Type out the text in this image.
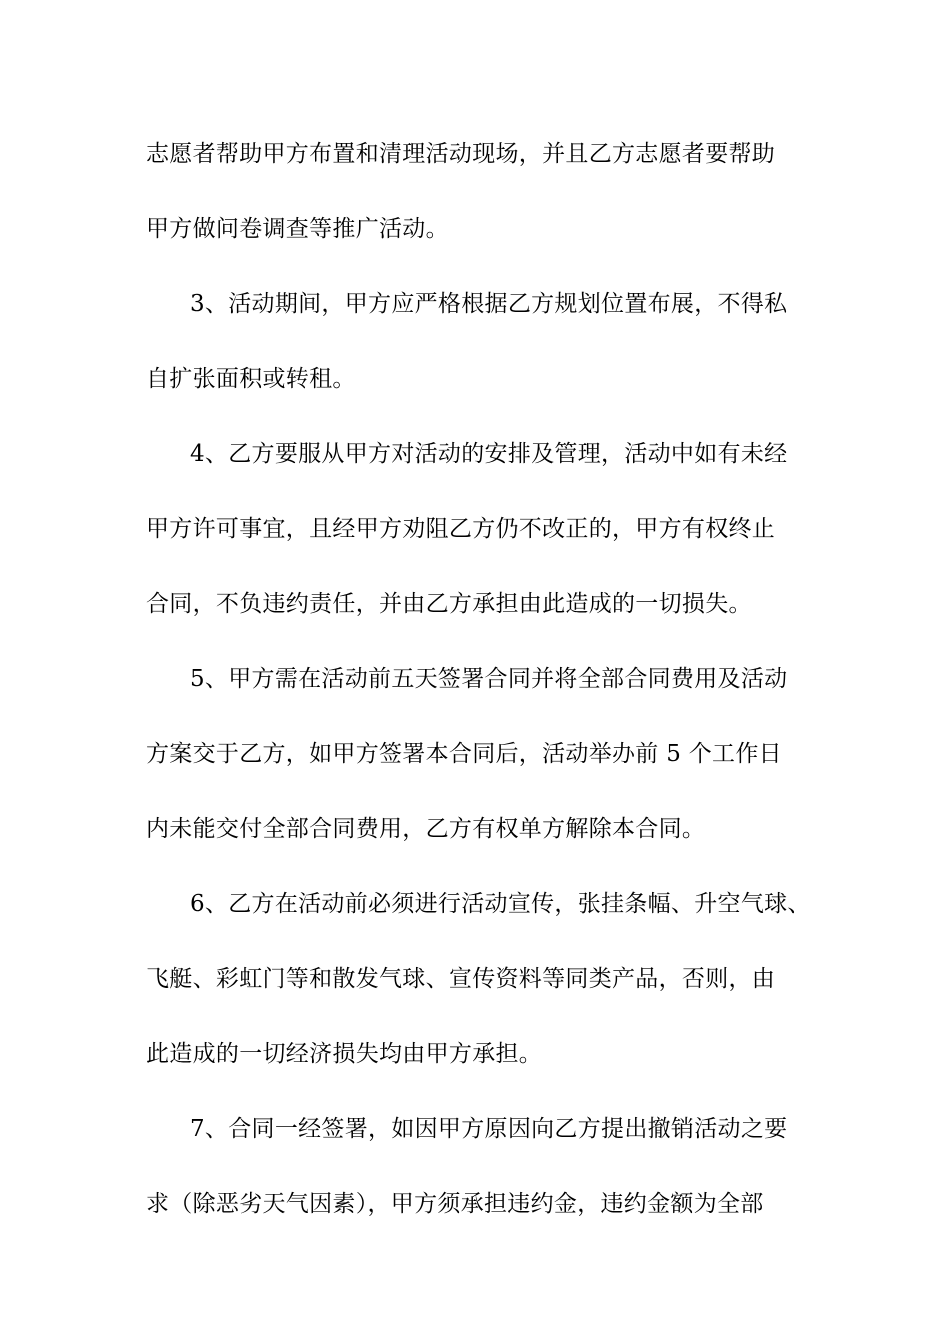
志愿者帮助甲方布置和清理活动现场，并且乙方志愿者要帮助
甲方做问卷调查等推广活动。
3、活动期间，甲方应严格根据乙方规划位置布展，不得私
自扩张面积或转租。
4、乙方要服从甲方对活动的安排及管理，活动中如有未经
甲方许可事宜，且经甲方劝阻乙方仍不改正的，甲方有权终止
合同，不负违约责任，并由乙方承担由此造成的一切损失。
5、甲方需在活动前五天签署合同并将全部合同费用及活动
方案交于乙方，如甲方签署本合同后，活动举办前 5 个工作日
内未能交付全部合同费用，乙方有权单方解除本合同。
6、乙方在活动前必须进行活动宣传，张挂条幅、升空气球、
飞艇、彩虹门等和散发气球、宣传资料等同类产品，否则，由
此造成的一切经济损失均由甲方承担。
7、合同一经签署，如因甲方原因向乙方提出撤销活动之要
求（除恶劣天气因素），甲方须承担违约金，违约金额为全部
